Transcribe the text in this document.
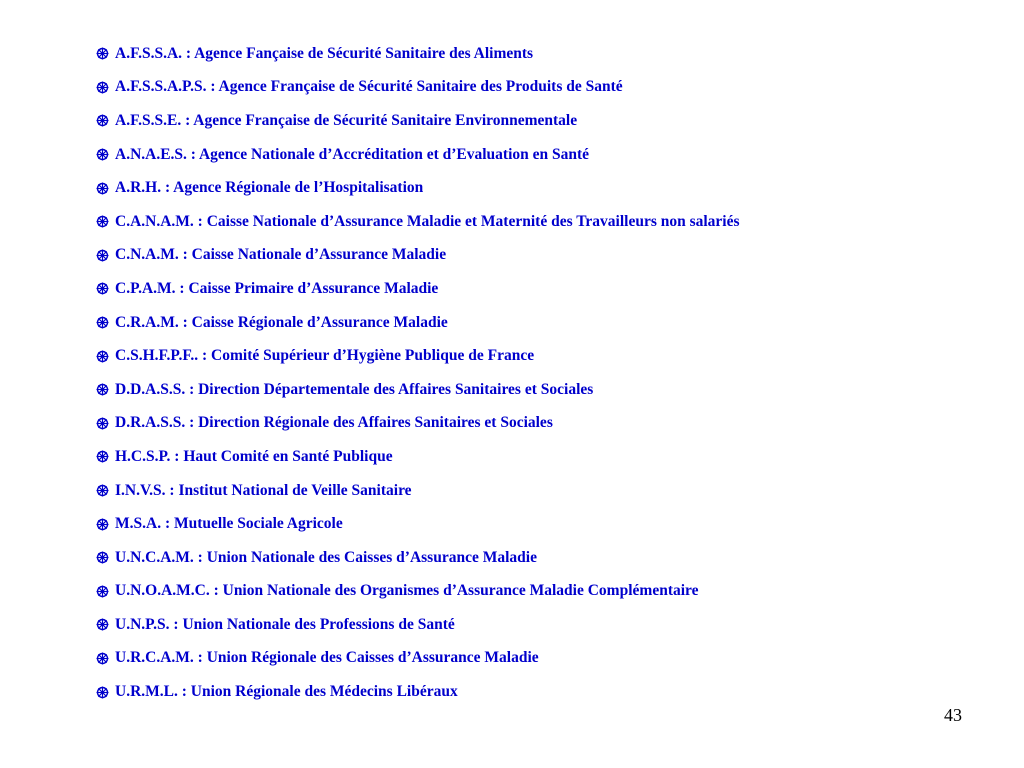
A.F.S.S.A. : Agence Fançaise de Sécurité Sanitaire des Aliments
A.F.S.S.A.P.S. : Agence Française de Sécurité Sanitaire des Produits de Santé
A.F.S.S.E. : Agence Française de Sécurité Sanitaire Environnementale
A.N.A.E.S. : Agence Nationale d’Accréditation et d’Evaluation en Santé
A.R.H. : Agence Régionale de l’Hospitalisation
C.A.N.A.M. : Caisse Nationale d’Assurance Maladie et Maternité des Travailleurs non salariés
C.N.A.M. : Caisse Nationale d’Assurance Maladie
C.P.A.M. : Caisse Primaire d’Assurance Maladie
C.R.A.M. : Caisse Régionale d’Assurance Maladie
C.S.H.F.P.F.. : Comité Supérieur d’Hygiène Publique de France
D.D.A.S.S. : Direction Départementale des Affaires Sanitaires et Sociales
D.R.A.S.S. : Direction Régionale des Affaires Sanitaires et Sociales
H.C.S.P. : Haut Comité en Santé Publique
I.N.V.S. : Institut National de Veille Sanitaire
M.S.A. : Mutuelle Sociale Agricole
U.N.C.A.M. : Union Nationale des Caisses d’Assurance Maladie
U.N.O.A.M.C. : Union Nationale des Organismes d’Assurance Maladie Complémentaire
U.N.P.S. : Union Nationale des Professions de Santé
U.R.C.A.M. : Union Régionale des Caisses d’Assurance Maladie
U.R.M.L. : Union Régionale des Médecins Libéraux
43
